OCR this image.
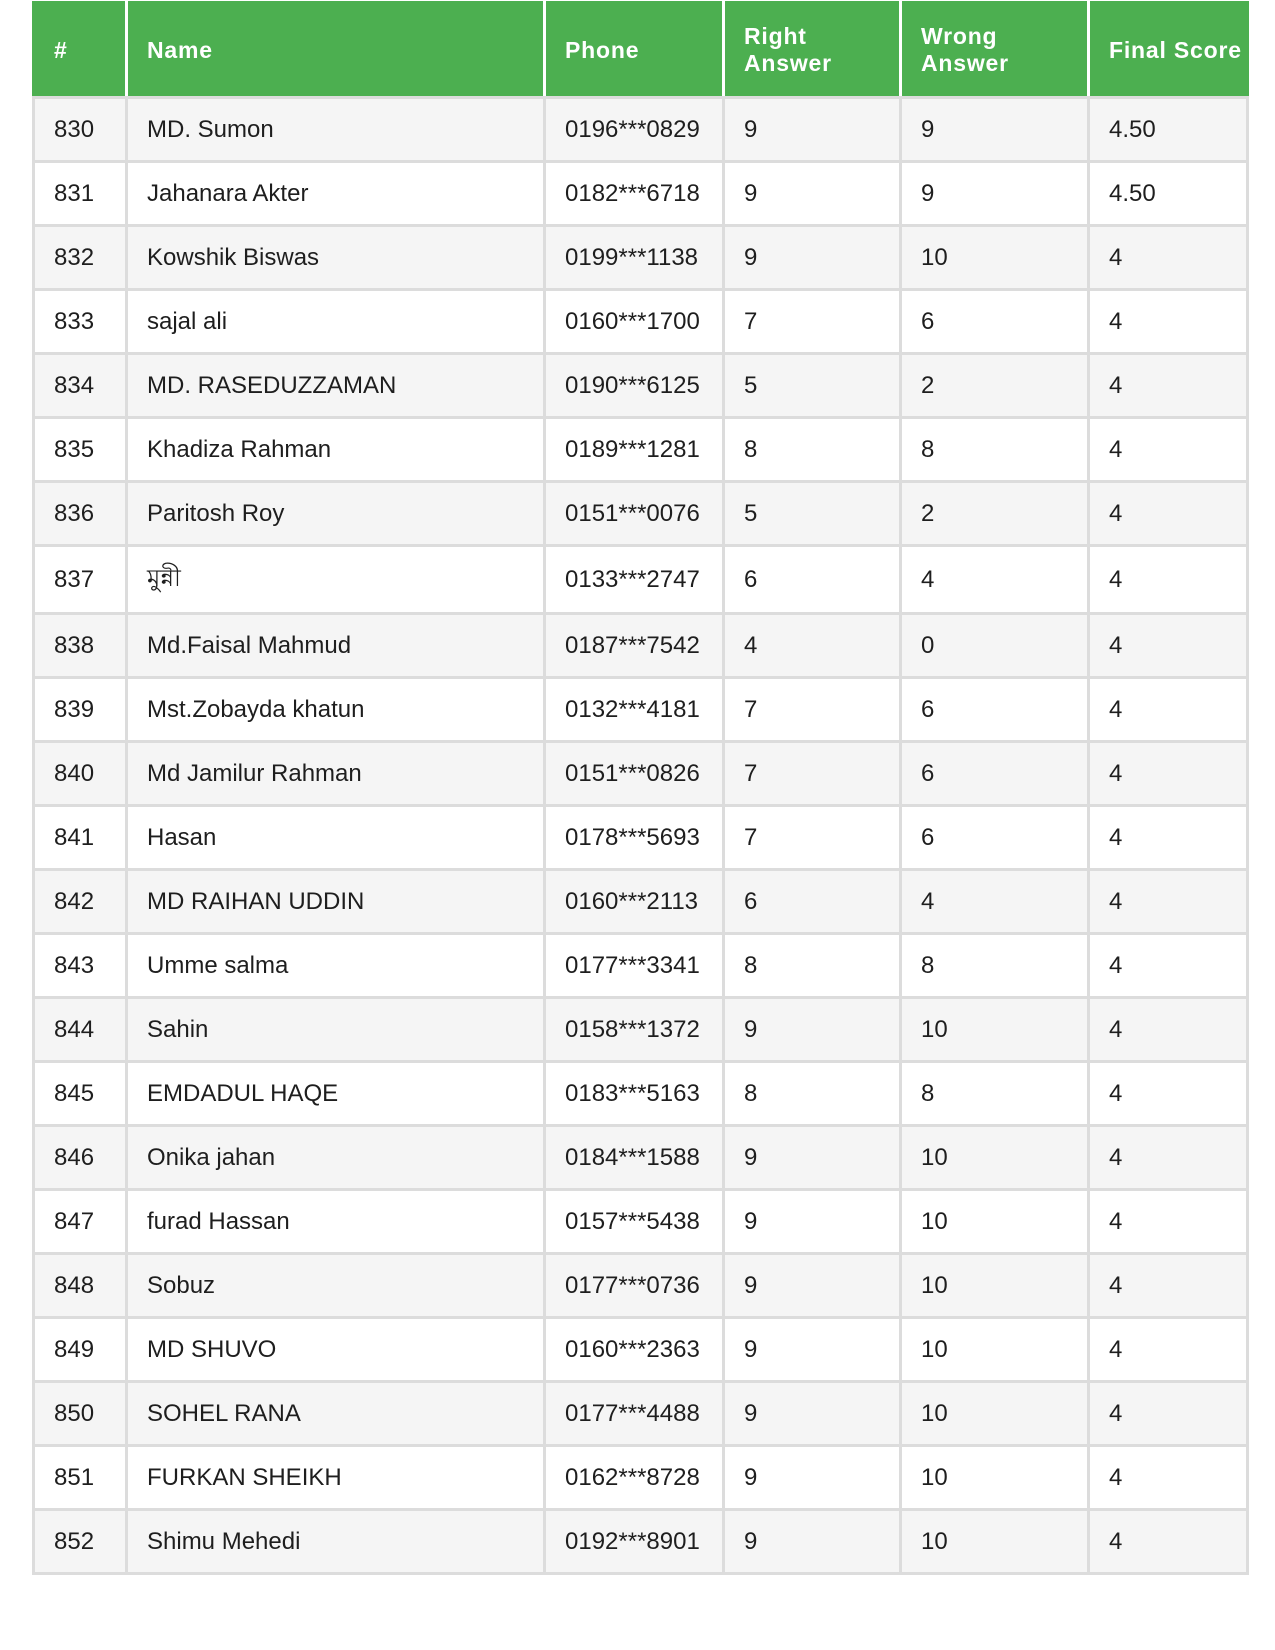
#	Name	Phone	Right Answer	Wrong Answer	Final Score
830	MD. Sumon	0196***0829	9	9	4.50
831	Jahanara Akter	0182***6718	9	9	4.50
832	Kowshik Biswas	0199***1138	9	10	4
833	sajal ali	0160***1700	7	6	4
834	MD. RASEDUZZAMAN	0190***6125	5	2	4
835	Khadiza Rahman	0189***1281	8	8	4
836	Paritosh Roy	0151***0076	5	2	4
837	মুন্নী	0133***2747	6	4	4
838	Md.Faisal Mahmud	0187***7542	4	0	4
839	Mst.Zobayda khatun	0132***4181	7	6	4
840	Md Jamilur Rahman	0151***0826	7	6	4
841	Hasan	0178***5693	7	6	4
842	MD RAIHAN UDDIN	0160***2113	6	4	4
843	Umme salma	0177***3341	8	8	4
844	Sahin	0158***1372	9	10	4
845	EMDADUL HAQE	0183***5163	8	8	4
846	Onika jahan	0184***1588	9	10	4
847	furad Hassan	0157***5438	9	10	4
848	Sobuz	0177***0736	9	10	4
849	MD SHUVO	0160***2363	9	10	4
850	SOHEL RANA	0177***4488	9	10	4
851	FURKAN SHEIKH	0162***8728	9	10	4
852	Shimu Mehedi	0192***8901	9	10	4
